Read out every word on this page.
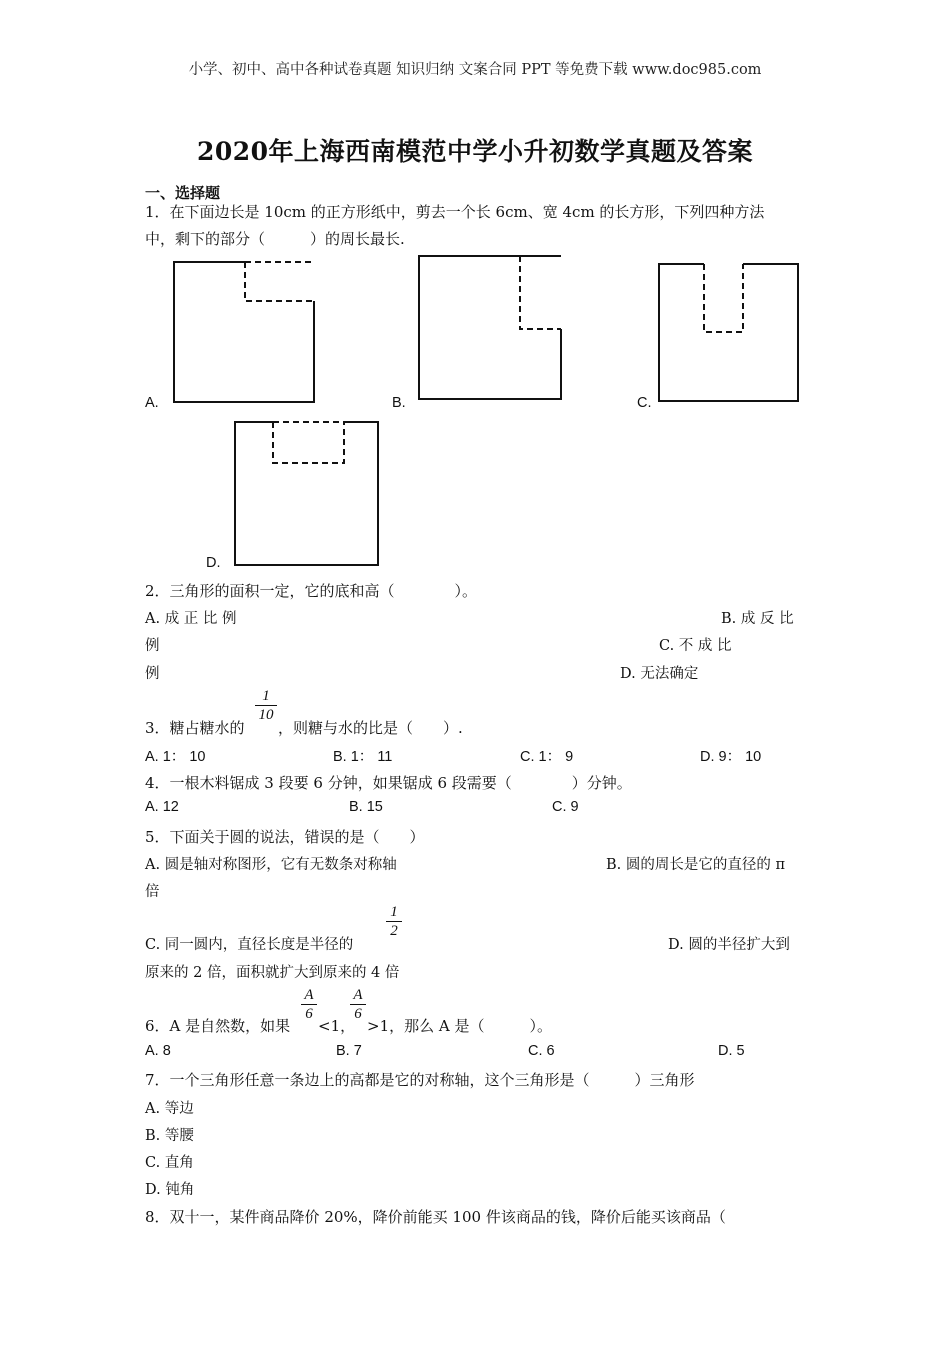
小学、初中、高中各种试卷真题 知识归纳 文案合同 PPT 等免费下载 www.doc985.com
2020年上海西南模范中学小升初数学真题及答案
一、选择题
1．在下面边长是 10cm 的正方形纸中，剪去一个长 6cm、宽 4cm 的长方形，下列四种方法
中，剩下的部分（　　　）的周长最长.
A.	B.	C.
D.
2．三角形的面积一定，它的底和高（　　　　）。
A. 成 正 比 例	B. 成 反 比
例	C. 不 成 比
例	D. 无法确定
3．糖占糖水的
1
10
，则糖与水的比是（　　）.
A. 1： 10	B. 1： 11	C. 1： 9	D. 9： 10
4．一根木料锯成 3 段要 6 分钟，如果锯成 6 段需要（　　　　）分钟。
A. 12	B. 15	C. 9
5．下面关于圆的说法，错误的是（　　）
A. 圆是轴对称图形，它有无数条对称轴	B. 圆的周长是它的直径的 π
倍
C. 同一圆内，直径长度是半径的
1
2
D. 圆的半径扩大到
原来的 2 倍，面积就扩大到原来的 4 倍
6．A 是自然数，如果
A
6
<1，
A
6
>1，那么 A 是（　　　）。
A. 8	B. 7	C. 6	D. 5
7．一个三角形任意一条边上的高都是它的对称轴，这个三角形是（　　　）三角形
A. 等边
B. 等腰
C. 直角
D. 钝角
8．双十一，某件商品降价 20%，降价前能买 100 件该商品的钱，降价后能买该商品（
